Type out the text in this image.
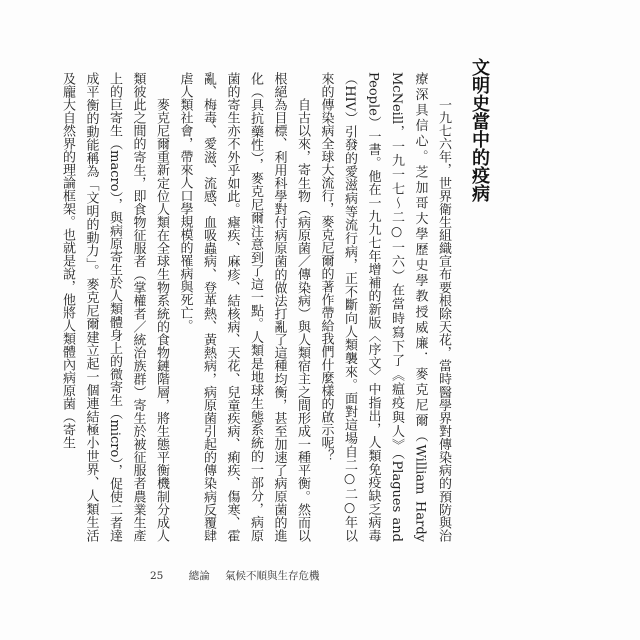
文明史當中的疫病

一九七六年，世界衛生組織宣布要根除天花，當時醫學界對傳染病的預防與治療深具信心。芝加哥大學歷史學教授威廉．麥克尼爾（William Hardy McNeill，一九一七～二○一六）在當時寫下了《瘟疫與人》（Plagues and People）一書。他在一九九七年增補的新版〈序文〉中指出，人類免疫缺乏病毒（HIV）引發的愛滋病等流行病，正不斷向人類襲來。面對這場自二○二○年以來的傳染病全球大流行，麥克尼爾的著作帶給我們什麼樣的啟示呢？

自古以來，寄生物（病原菌／傳染病）與人類宿主之間形成一種平衡。然而以根絕為目標、利用科學對付病原菌的做法打亂了這種均衡，甚至加速了病原菌的進化（具抗藥性），麥克尼爾注意到了這一點。人類是地球生態系統的一部分，病原菌的寄生亦不外乎如此。瘧疾、麻疹、結核病、天花、兒童疾病、痢疾、傷寒、霍亂、梅毒、愛滋、流感、血吸蟲病、登革熱、黃熱病，病原菌引起的傳染病反覆肆虐人類社會，帶來人口學規模的罹病與死亡。

麥克尼爾重新定位人類在全球生物系統的食物鏈階層，將生態平衡機制分成人類彼此之間的寄生，即食物征服者（掌權者／統治族群）寄生於被征服者農業生產上的巨寄生（macro），與病原寄生於人類體身上的微寄生（micro），促使二者達成平衡的動能稱為「文明的動力」。麥克尼爾建立起一個連結極小世界、人類生活及龐大自然界的理論框架。也就是說，他將人類體內病原菌（寄生

25 總論 氣候不順與生存危機
